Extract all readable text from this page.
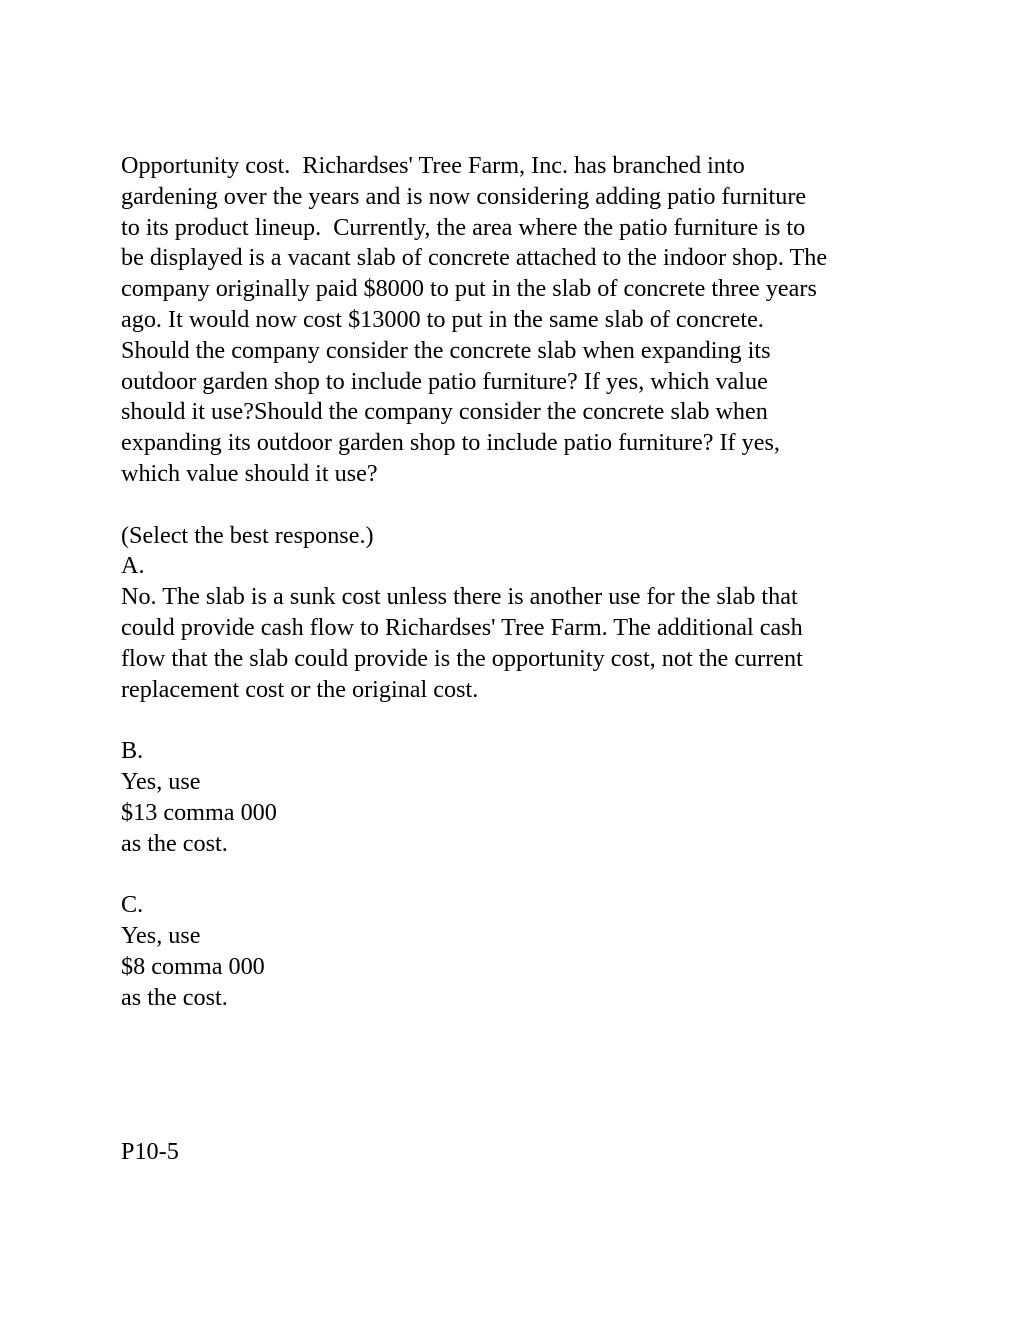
Opportunity cost.  Richardses' Tree Farm, Inc. has branched into
gardening over the years and is now considering adding patio furniture
to its product lineup.  Currently, the area where the patio furniture is to
be displayed is a vacant slab of concrete attached to the indoor shop. The
company originally paid $8000 to put in the slab of concrete three years
ago. It would now cost $13000 to put in the same slab of concrete.
Should the company consider the concrete slab when expanding its
outdoor garden shop to include patio furniture? If yes, which value
should it use?Should the company consider the concrete slab when
expanding its outdoor garden shop to include patio furniture? If yes,
which value should it use?
(Select the best response.)
A.
No. The slab is a sunk cost unless there is another use for the slab that
could provide cash flow to Richardses' Tree Farm. The additional cash
flow that the slab could provide is the opportunity cost, not the current
replacement cost or the original cost.
B.
Yes, use
$13 comma 000
as the cost.
C.
Yes, use
$8 comma 000
as the cost.
P10-5
